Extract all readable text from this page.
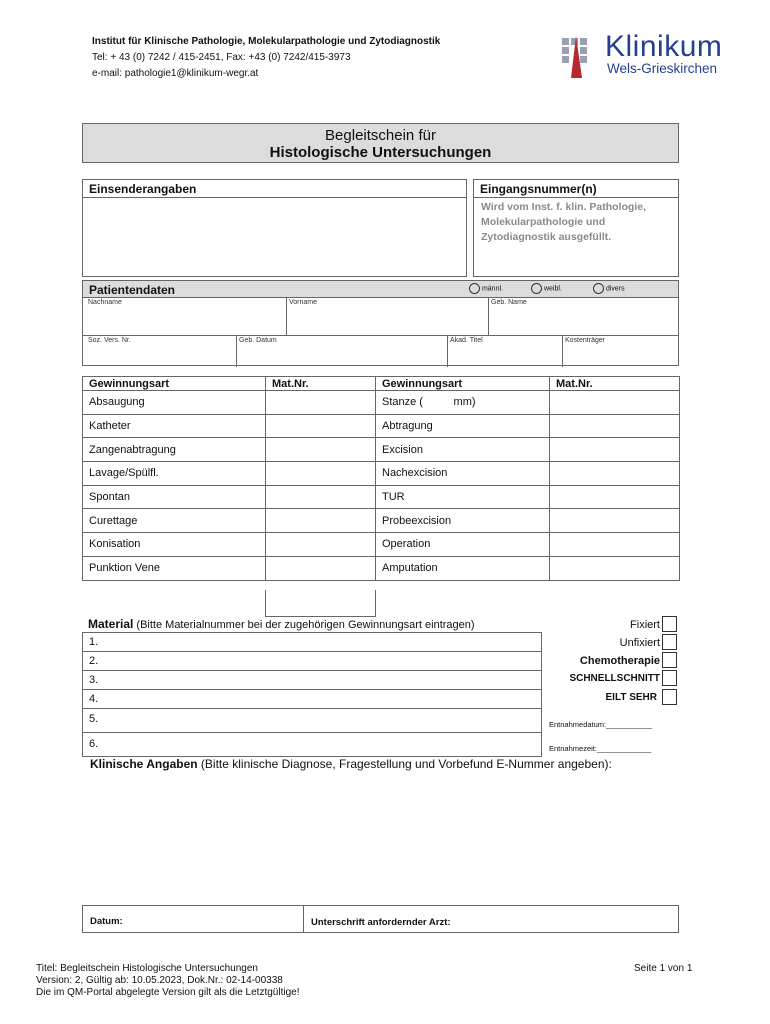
Institut für Klinische Pathologie, Molekularpathologie und Zytodiagnostik
Tel: + 43 (0) 7242 / 415-2451, Fax: +43 (0) 7242/415-3973
e-mail: pathologie1@klinikum-wegr.at
Klinikum
Wels-Grieskirchen
Begleitschein für
Histologische Untersuchungen
Einsenderangaben	Eingangsnummer(n)
Wird vom Inst. f. klin. Pathologie, Molekularpathologie und Zytodiagnostik ausgefüllt.
Patientendaten	männl.	weibl.	divers
Nachname	Vorname	Geb. Name
Soz. Vers. Nr.	Geb. Datum	Akad. Titel	Kostenträger
Gewinnungsart	Mat.Nr.	Gewinnungsart	Mat.Nr.
Absaugung		Stanze (          mm)	
Katheter		Abtragung	
Zangenabtragung		Excision	
Lavage/Spülfl.		Nachexcision	
Spontan		TUR	
Curettage		Probeexcision	
Konisation		Operation	
Punktion Vene		Amputation	
Material (Bitte Materialnummer bei der zugehörigen Gewinnungsart eintragen)
1.
2.
3.
4.
5.
6.
Fixiert
Unfixiert
Chemotherapie
SCHNELLSCHNITT
EILT SEHR
Entnahmedatum:___________
Entnahmezeit:_____________
Klinische Angaben (Bitte klinische Diagnose, Fragestellung und Vorbefund E-Nummer angeben):
Datum:	Unterschrift anfordernder Arzt:
Titel: Begleitschein Histologische Untersuchungen
Version: 2, Gültig ab: 10.05.2023, Dok.Nr.: 02-14-00338
Die im QM-Portal abgelegte Version gilt als die Letztgültige!
Seite 1 von 1
